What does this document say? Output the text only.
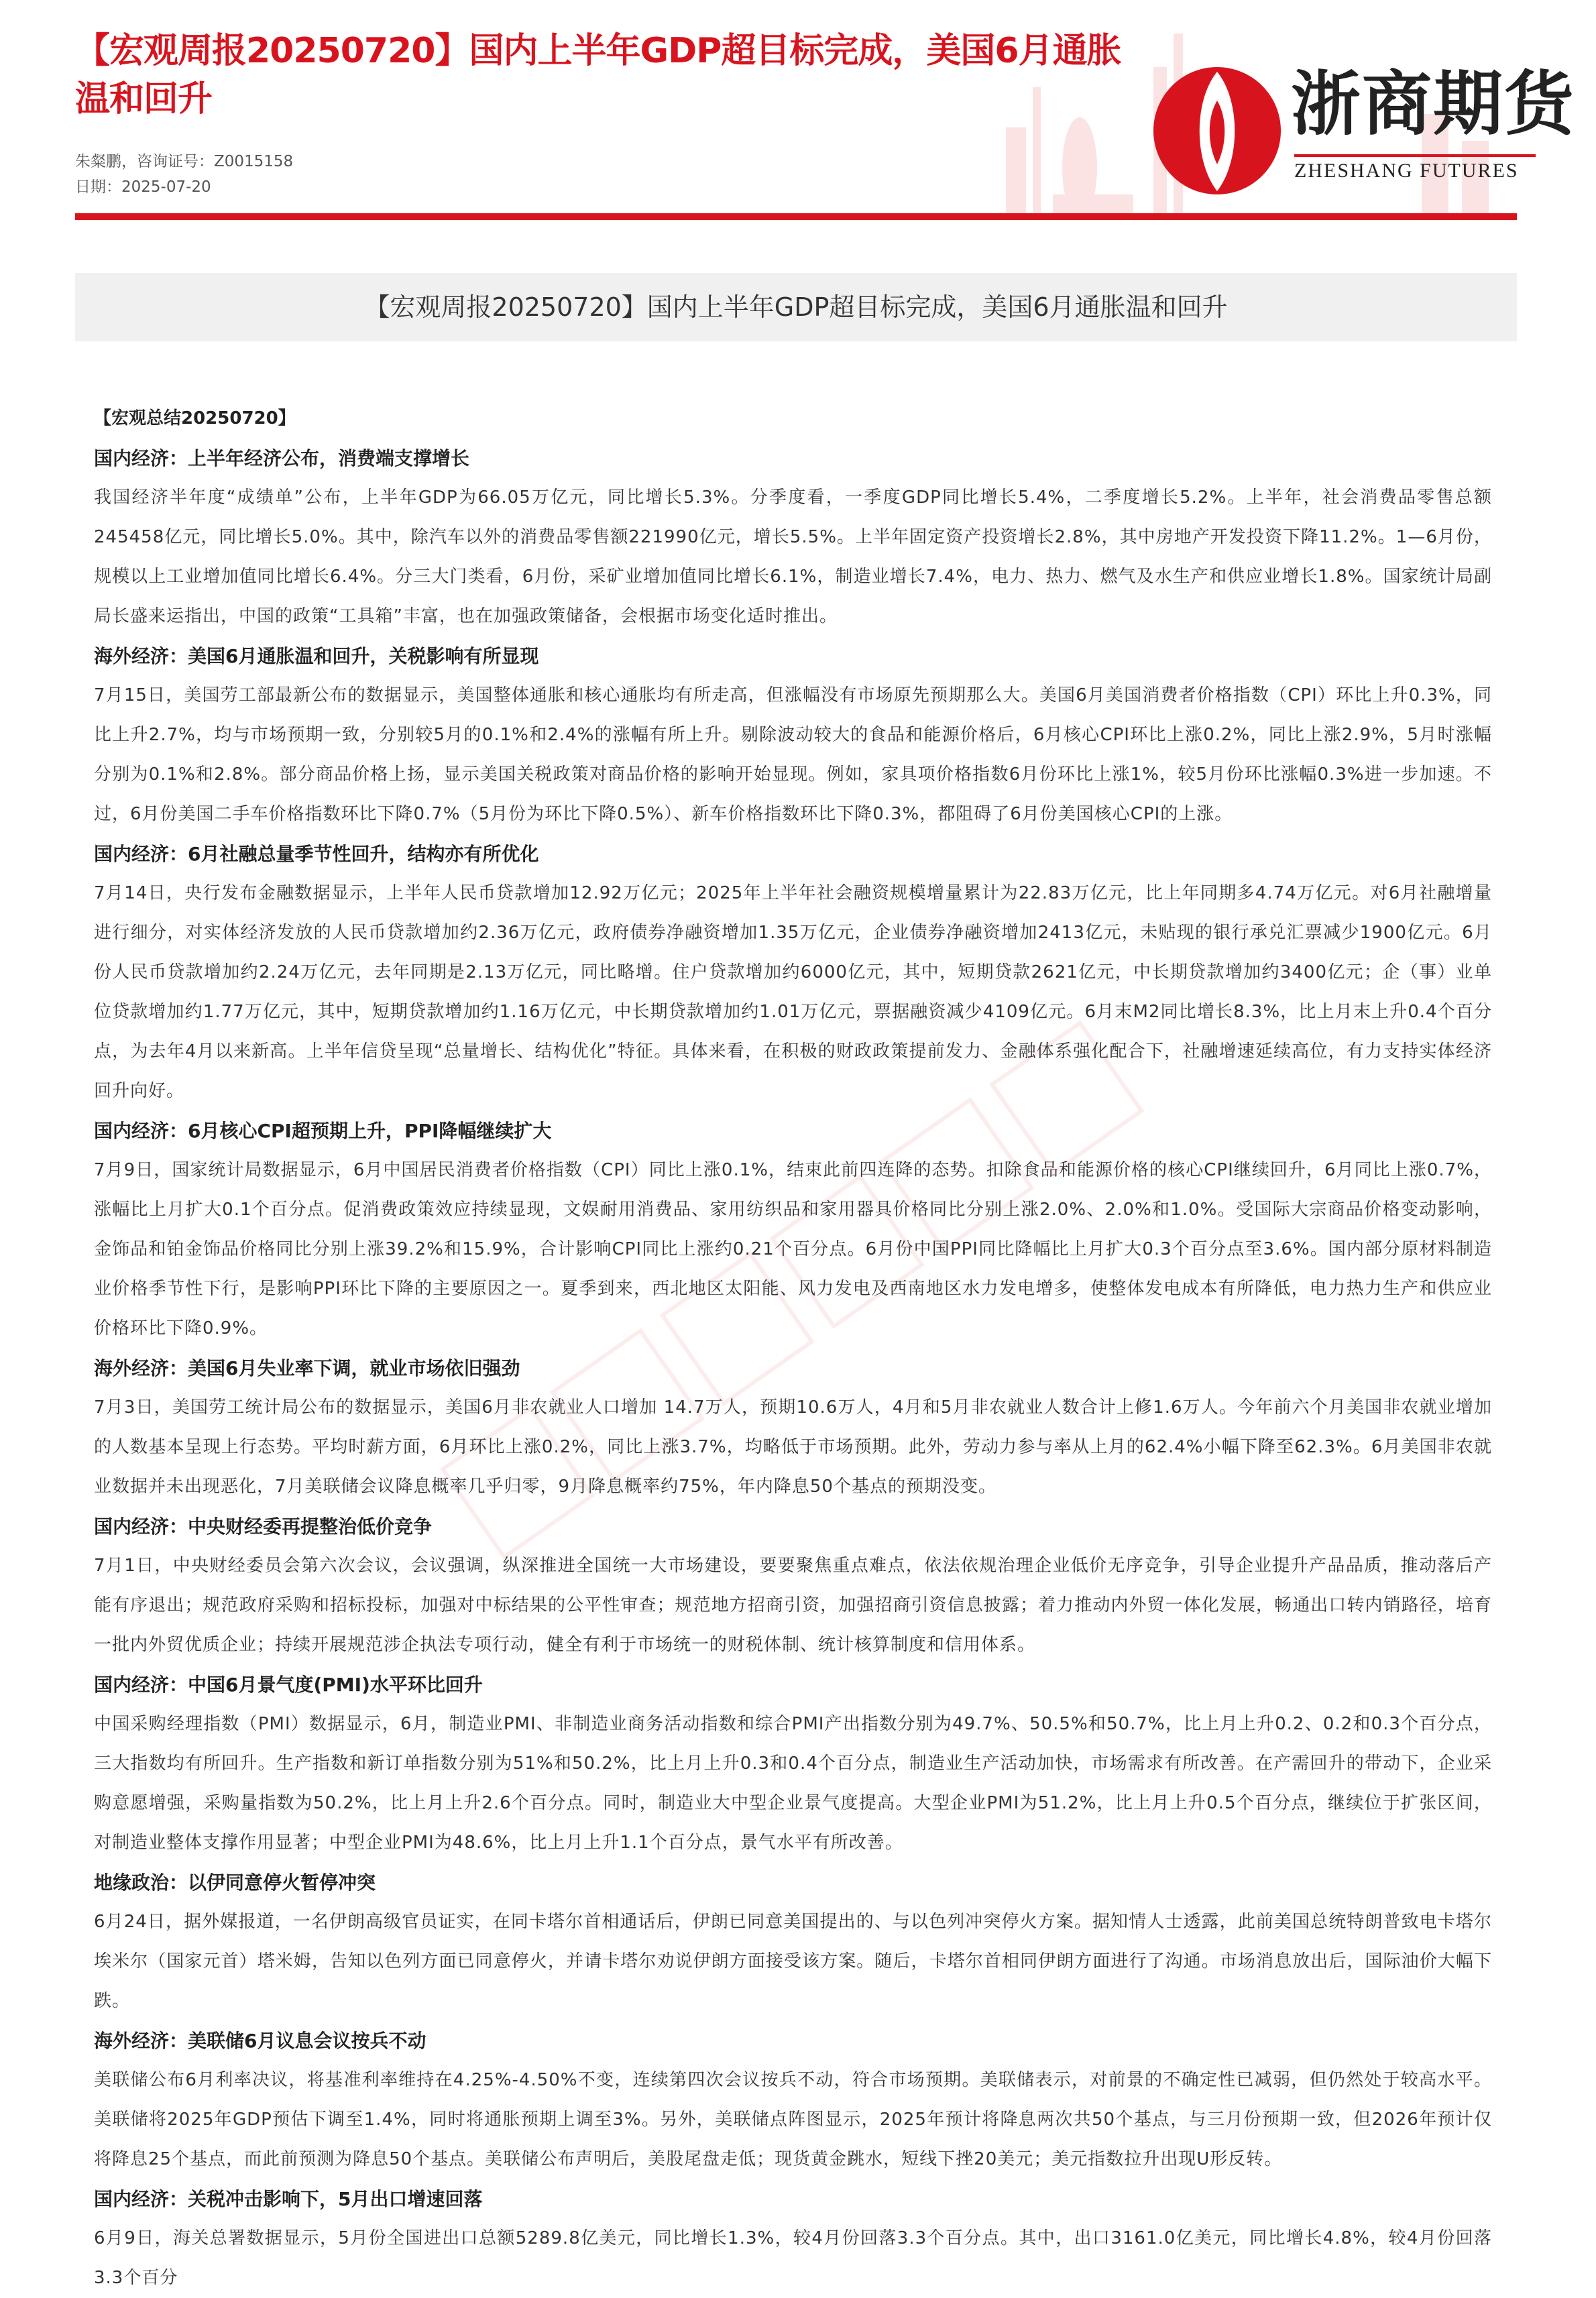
【宏观周报20250720】国内上半年GDP超目标完成，美国6月通胀温和回升
朱粲鹏，咨询证号：Z0015158
日期：2025-07-20
浙商期货
ZHESHANG FUTURES
【宏观周报20250720】国内上半年GDP超目标完成，美国6月通胀温和回升

【宏观总结20250720】

国内经济：上半年经济公布，消费端支撑增长

我国经济半年度“成绩单”公布，上半年GDP为66.05万亿元，同比增长5.3%。分季度看，一季度GDP同比增长5.4%，二季度增长5.2%。上半年，社会消费品零售总额245458亿元，同比增长5.0%。其中，除汽车以外的消费品零售额221990亿元，增长5.5%。上半年固定资产投资增长2.8%，其中房地产开发投资下降11.2%。1—6月份，规模以上工业增加值同比增长6.4%。分三大门类看，6月份，采矿业增加值同比增长6.1%，制造业增长7.4%，电力、热力、燃气及水生产和供应业增长1.8%。国家统计局副局长盛来运指出，中国的政策“工具箱”丰富，也在加强政策储备，会根据市场变化适时推出。

海外经济：美国6月通胀温和回升，关税影响有所显现

7月15日，美国劳工部最新公布的数据显示，美国整体通胀和核心通胀均有所走高，但涨幅没有市场原先预期那么大。美国6月美国消费者价格指数（CPI）环比上升0.3%，同比上升2.7%，均与市场预期一致，分别较5月的0.1%和2.4%的涨幅有所上升。剔除波动较大的食品和能源价格后，6月核心CPI环比上涨0.2%，同比上涨2.9%，5月时涨幅分别为0.1%和2.8%。部分商品价格上扬，显示美国关税政策对商品价格的影响开始显现。例如，家具项价格指数6月份环比上涨1%，较5月份环比涨幅0.3%进一步加速。不过，6月份美国二手车价格指数环比下降0.7%（5月份为环比下降0.5%）、新车价格指数环比下降0.3%，都阻碍了6月份美国核心CPI的上涨。

国内经济：6月社融总量季节性回升，结构亦有所优化

7月14日，央行发布金融数据显示，上半年人民币贷款增加12.92万亿元；2025年上半年社会融资规模增量累计为22.83万亿元，比上年同期多4.74万亿元。对6月社融增量进行细分，对实体经济发放的人民币贷款增加约2.36万亿元，政府债券净融资增加1.35万亿元，企业债券净融资增加2413亿元，未贴现的银行承兑汇票减少1900亿元。6月份人民币贷款增加约2.24万亿元，去年同期是2.13万亿元，同比略增。住户贷款增加约6000亿元，其中，短期贷款2621亿元，中长期贷款增加约3400亿元；企（事）业单位贷款增加约1.77万亿元，其中，短期贷款增加约1.16万亿元，中长期贷款增加约1.01万亿元，票据融资减少4109亿元。6月末M2同比增长8.3%，比上月末上升0.4个百分点，为去年4月以来新高。上半年信贷呈现“总量增长、结构优化”特征。具体来看，在积极的财政政策提前发力、金融体系强化配合下，社融增速延续高位，有力支持实体经济回升向好。

国内经济：6月核心CPI超预期上升，PPI降幅继续扩大

7月9日，国家统计局数据显示，6月中国居民消费者价格指数（CPI）同比上涨0.1%，结束此前四连降的态势。扣除食品和能源价格的核心CPI继续回升，6月同比上涨0.7%，涨幅比上月扩大0.1个百分点。促消费政策效应持续显现，文娱耐用消费品、家用纺织品和家用器具价格同比分别上涨2.0%、2.0%和1.0%。受国际大宗商品价格变动影响，金饰品和铂金饰品价格同比分别上涨39.2%和15.9%，合计影响CPI同比上涨约0.21个百分点。6月份中国PPI同比降幅比上月扩大0.3个百分点至3.6%。国内部分原材料制造业价格季节性下行，是影响PPI环比下降的主要原因之一。夏季到来，西北地区太阳能、风力发电及西南地区水力发电增多，使整体发电成本有所降低，电力热力生产和供应业价格环比下降0.9%。

海外经济：美国6月失业率下调，就业市场依旧强劲

7月3日，美国劳工统计局公布的数据显示，美国6月非农就业人口增加 14.7万人，预期10.6万人，4月和5月非农就业人数合计上修1.6万人。今年前六个月美国非农就业增加的人数基本呈现上行态势。平均时薪方面，6月环比上涨0.2%，同比上涨3.7%，均略低于市场预期。此外，劳动力参与率从上月的62.4%小幅下降至62.3%。6月美国非农就业数据并未出现恶化，7月美联储会议降息概率几乎归零，9月降息概率约75%，年内降息50个基点的预期没变。

国内经济：中央财经委再提整治低价竞争

7月1日，中央财经委员会第六次会议，会议强调，纵深推进全国统一大市场建设，要要聚焦重点难点，依法依规治理企业低价无序竞争，引导企业提升产品品质，推动落后产能有序退出；规范政府采购和招标投标，加强对中标结果的公平性审查；规范地方招商引资，加强招商引资信息披露；着力推动内外贸一体化发展，畅通出口转内销路径，培育一批内外贸优质企业；持续开展规范涉企执法专项行动，健全有利于市场统一的财税体制、统计核算制度和信用体系。

国内经济：中国6月景气度(PMI)水平环比回升

中国采购经理指数（PMI）数据显示，6月，制造业PMI、非制造业商务活动指数和综合PMI产出指数分别为49.7%、50.5%和50.7%，比上月上升0.2、0.2和0.3个百分点，三大指数均有所回升。生产指数和新订单指数分别为51%和50.2%，比上月上升0.3和0.4个百分点，制造业生产活动加快，市场需求有所改善。在产需回升的带动下，企业采购意愿增强，采购量指数为50.2%，比上月上升2.6个百分点。同时，制造业大中型企业景气度提高。大型企业PMI为51.2%，比上月上升0.5个百分点，继续位于扩张区间，对制造业整体支撑作用显著；中型企业PMI为48.6%，比上月上升1.1个百分点，景气水平有所改善。

地缘政治：以伊同意停火暂停冲突

6月24日，据外媒报道，一名伊朗高级官员证实，在同卡塔尔首相通话后，伊朗已同意美国提出的、与以色列冲突停火方案。据知情人士透露，此前美国总统特朗普致电卡塔尔埃米尔（国家元首）塔米姆，告知以色列方面已同意停火，并请卡塔尔劝说伊朗方面接受该方案。随后，卡塔尔首相同伊朗方面进行了沟通。市场消息放出后，国际油价大幅下跌。

海外经济：美联储6月议息会议按兵不动

美联储公布6月利率决议，将基准利率维持在4.25%-4.50%不变，连续第四次会议按兵不动，符合市场预期。美联储表示，对前景的不确定性已减弱，但仍然处于较高水平。美联储将2025年GDP预估下调至1.4%，同时将通胀预期上调至3%。另外，美联储点阵图显示，2025年预计将降息两次共50个基点，与三月份预期一致，但2026年预计仅将降息25个基点，而此前预测为降息50个基点。美联储公布声明后，美股尾盘走低；现货黄金跳水，短线下挫20美元；美元指数拉升出现U形反转。

国内经济：关税冲击影响下，5月出口增速回落

6月9日，海关总署数据显示，5月份全国进出口总额5289.8亿美元，同比增长1.3%，较4月份回落3.3个百分点。其中，出口3161.0亿美元，同比增长4.8%，较4月份回落3.3个百分
